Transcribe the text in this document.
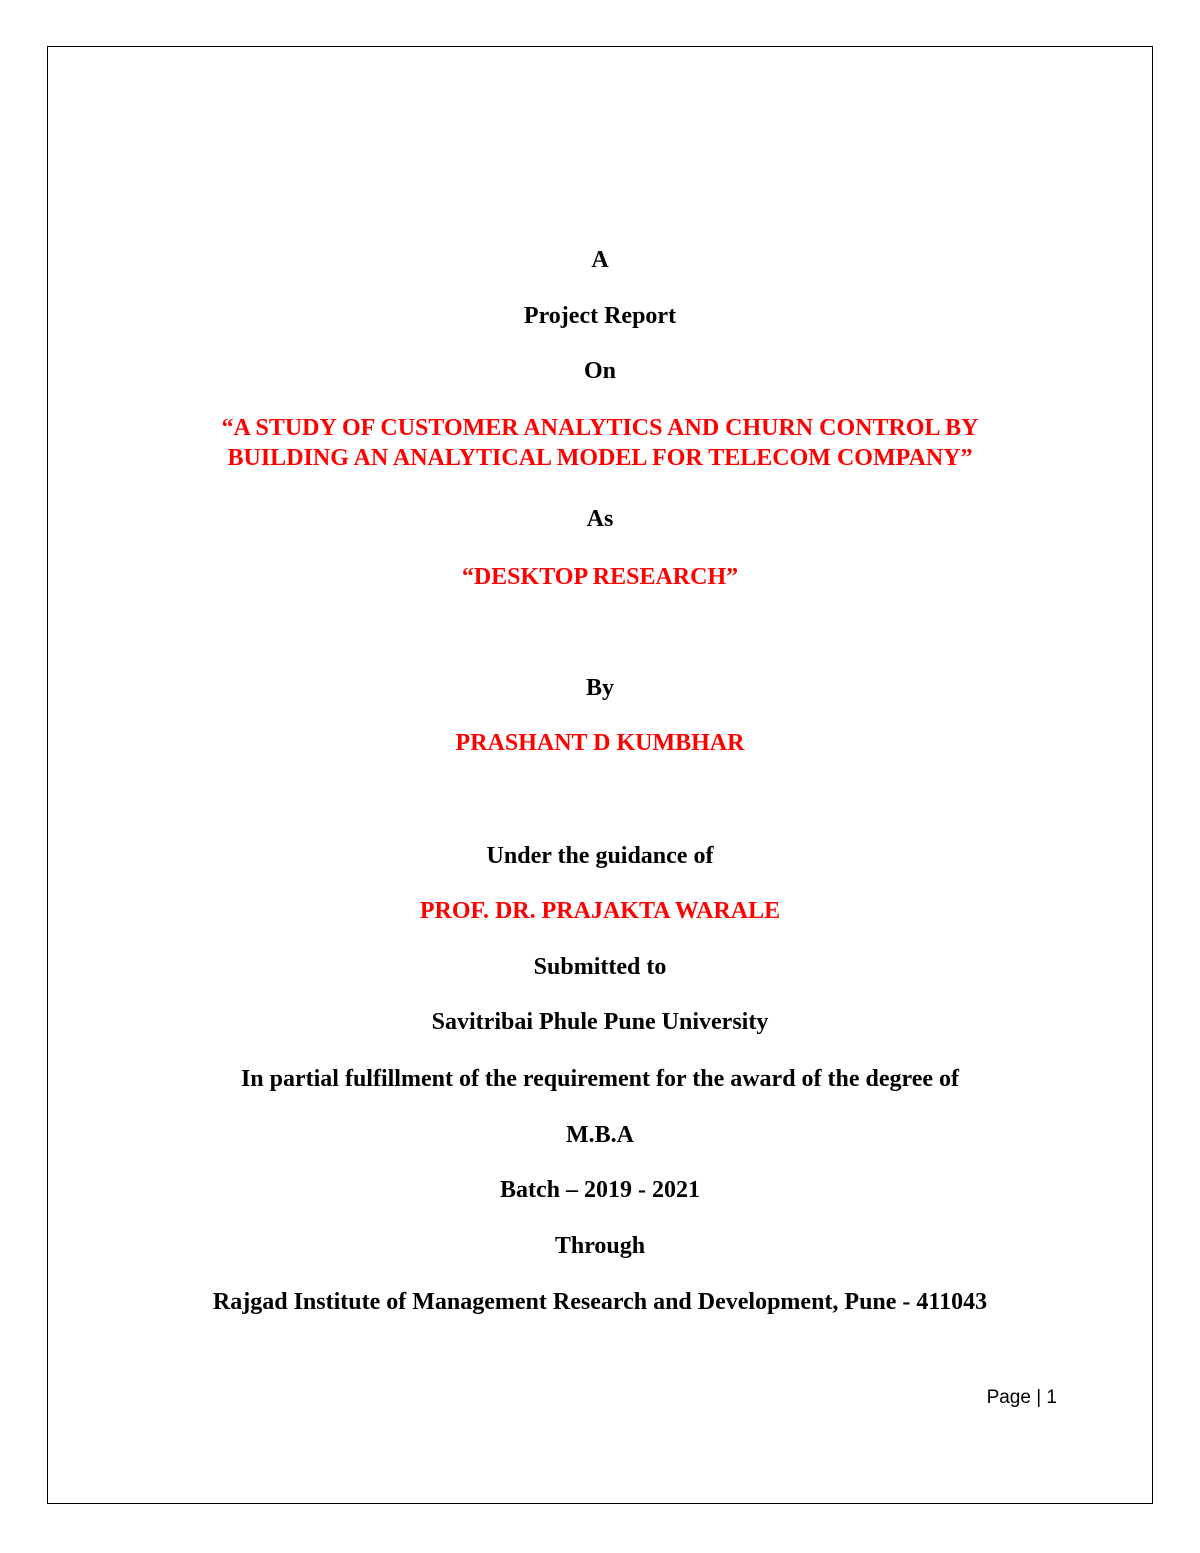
A
Project Report
On
“A STUDY OF CUSTOMER ANALYTICS AND CHURN CONTROL BY
BUILDING AN ANALYTICAL MODEL FOR TELECOM COMPANY”
As
“DESKTOP RESEARCH”
By
PRASHANT D KUMBHAR
Under the guidance of
PROF. DR. PRAJAKTA WARALE
Submitted to
Savitribai Phule Pune University
In partial fulfillment of the requirement for the award of the degree of
M.B.A
Batch – 2019 - 2021
Through
Rajgad Institute of Management Research and Development, Pune - 411043
Page | 1
